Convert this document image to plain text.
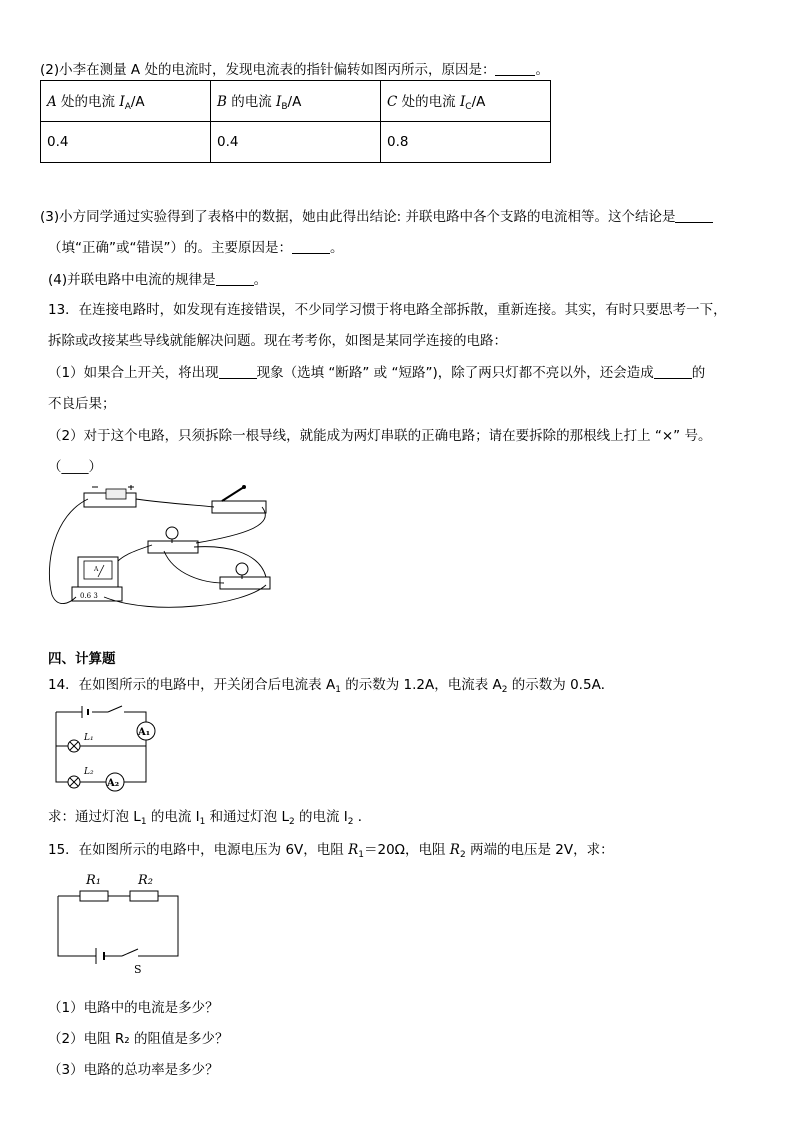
(2)小李在测量 A 处的电流时，发现电流表的指针偏转如图丙所示，原因是：	。
A 处的电流 $I_A/A$	B 的电流 $I_B/A$	C 处的电流 $I_C/A$
0.4	0.4	0.8
(3)小方同学通过实验得到了表格中的数据，她由此得出结论: 并联电路中各个支路的电流相等。这个结论是
（填“正确”或“错误”）的。主要原因是：	。
(4)并联电路中电流的规律是	。
13．在连接电路时，如发现有连接错误，不少同学习惯于将电路全部拆散，重新连接。其实，有时只要思考一下，
拆除或改接某些导线就能解决问题。现在考考你，如图是某同学连接的电路：
（1）如果合上开关，将出现	现象（选填 “断路” 或 “短路”)，除了两只灯都不亮以外，还会造成	的
不良后果；
（2）对于这个电路，只须拆除一根导线，就能成为两灯串联的正确电路；请在要拆除的那根线上打上 “×” 号。
（____）
A
0.6 3
四、计算题
14．在如图所示的电路中，开关闭合后电流表 $A_1$ 的示数为 1.2A，电流表 $A_2$ 的示数为 0.5A．
A₁
A₂
L₁
L₂
求：通过灯泡 $L_1$ 的电流 $I_1$ 和通过灯泡 $L_2$ 的电流 $I_2$ ．
15．在如图所示的电路中，电源电压为 6V，电阻 $R_1=20\Omega$，电阻 $R_2$ 两端的电压是 2V，求：
R₁	R₂
S
（1）电路中的电流是多少？
（2）电阻 R₂ 的阻值是多少？
（3）电路的总功率是多少？
